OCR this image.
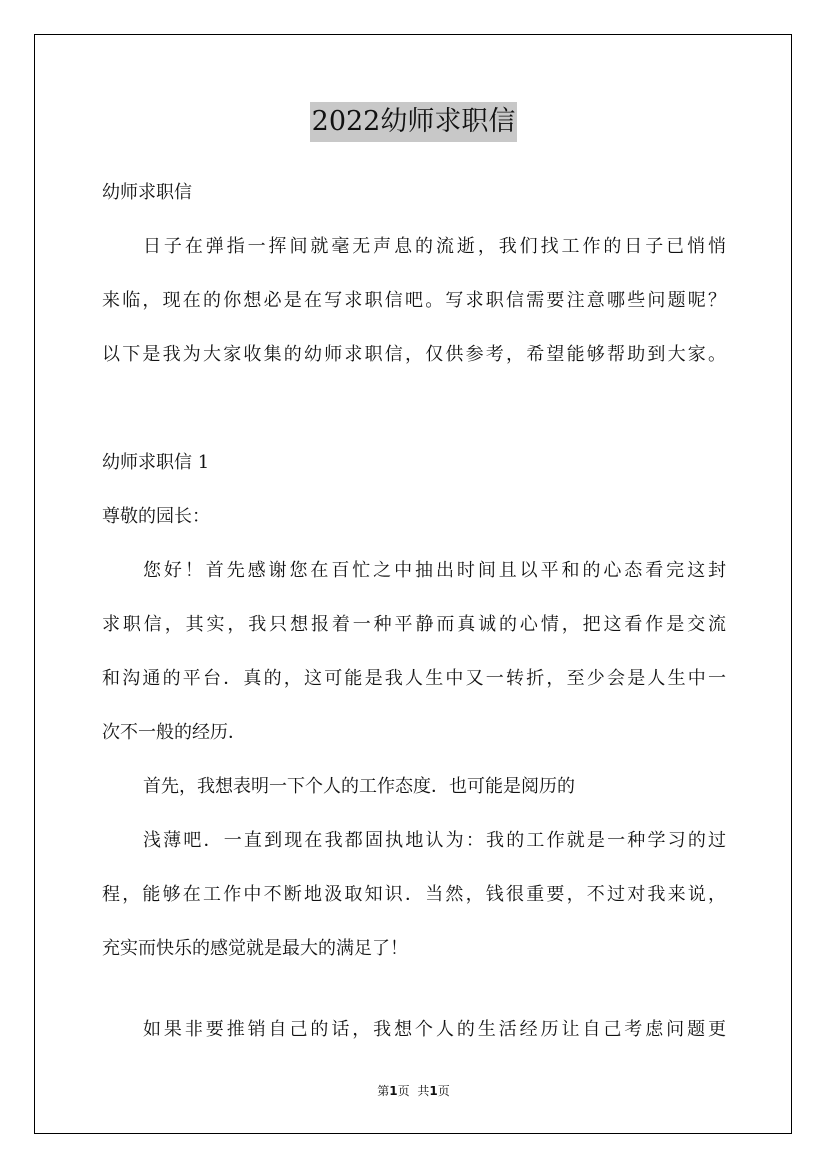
2022幼师求职信
幼师求职信
日子在弹指一挥间就毫无声息的流逝，我们找工作的日子已悄悄
来临，现在的你想必是在写求职信吧。写求职信需要注意哪些问题呢？
以下是我为大家收集的幼师求职信，仅供参考，希望能够帮助到大家。
幼师求职信 1
尊敬的园长：
您好！首先感谢您在百忙之中抽出时间且以平和的心态看完这封
求职信，其实，我只想报着一种平静而真诚的心情，把这看作是交流
和沟通的平台．真的，这可能是我人生中又一转折，至少会是人生中一
次不一般的经历．
首先，我想表明一下个人的工作态度．也可能是阅历的
浅薄吧．一直到现在我都固执地认为：我的工作就是一种学习的过
程，能够在工作中不断地汲取知识．当然，钱很重要，不过对我来说，
充实而快乐的感觉就是最大的满足了！
如果非要推销自己的话，我想个人的生活经历让自己考虑问题更
第1页 共1页
